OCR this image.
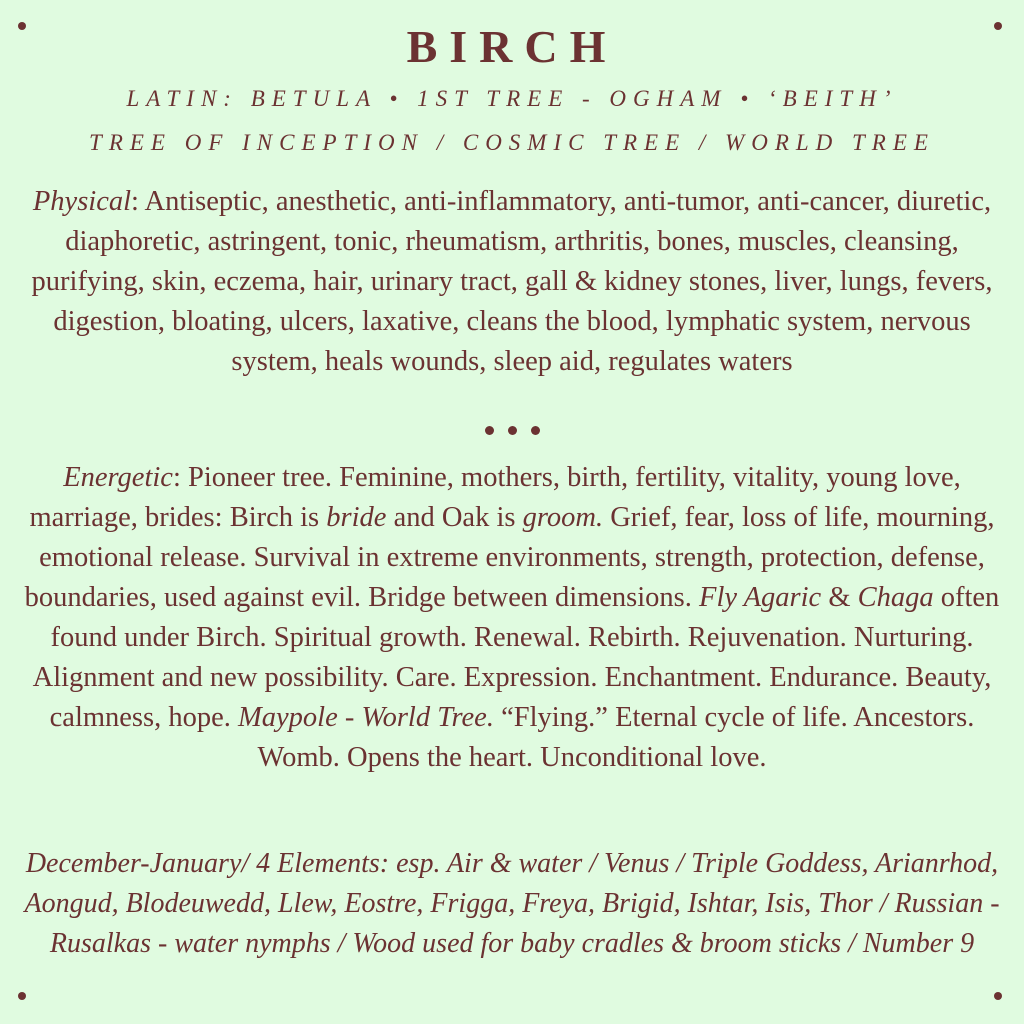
BIRCH
LATIN: BETULA • 1ST TREE - OGHAM • ‘BEITH’
TREE OF INCEPTION / COSMIC TREE / WORLD TREE
Physical: Antiseptic, anesthetic, anti-inflammatory, anti-tumor, anti-cancer, diuretic, diaphoretic, astringent, tonic, rheumatism, arthritis, bones, muscles, cleansing, purifying, skin, eczema, hair, urinary tract, gall & kidney stones, liver, lungs, fevers, digestion, bloating, ulcers, laxative, cleans the blood, lymphatic system, nervous system, heals wounds, sleep aid, regulates waters
Energetic: Pioneer tree. Feminine, mothers, birth, fertility, vitality, young love, marriage, brides: Birch is bride and Oak is groom. Grief, fear, loss of life, mourning, emotional release. Survival in extreme environments, strength, protection, defense, boundaries, used against evil. Bridge between dimensions. Fly Agaric & Chaga often found under Birch. Spiritual growth. Renewal. Rebirth. Rejuvenation. Nurturing. Alignment and new possibility. Care. Expression. Enchantment. Endurance. Beauty, calmness, hope. Maypole - World Tree. “Flying.” Eternal cycle of life. Ancestors. Womb. Opens the heart. Unconditional love.
December-January/ 4 Elements: esp. Air & water / Venus / Triple Goddess, Arianrhod, Aongud, Blodeuwedd, Llew, Eostre, Frigga, Freya, Brigid, Ishtar, Isis, Thor / Russian - Rusalkas - water nymphs / Wood used for baby cradles & broom sticks / Number 9
